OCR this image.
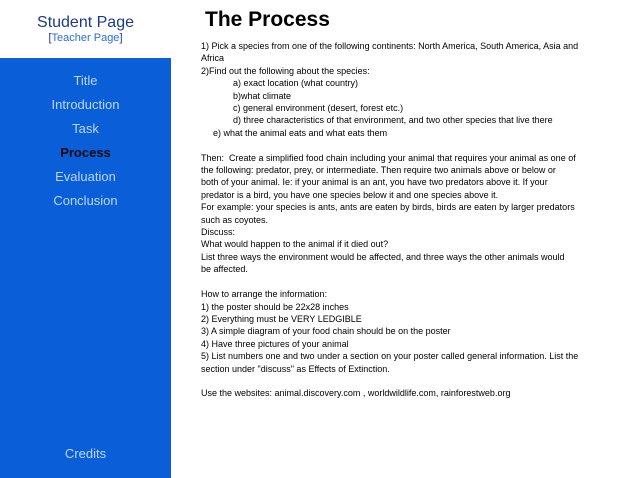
Student Page
[Teacher Page]
Title
Introduction
Task
Process
Evaluation
Conclusion
Credits
The Process

1) Pick a species from one of the following continents: North America, South America, Asia and

Africa

2)Find out the following about the species:

a) exact location (what country)

b)what climate

c) general environment (desert, forest etc.)

d) three characteristics of that environment, and two other species that live there

e) what the animal eats and what eats them

Then:  Create a simplified food chain including your animal that requires your animal as one of

the following: predator, prey, or intermediate. Then require two animals above or below or

both of your animal. Ie: if your animal is an ant, you have two predators above it. If your

predator is a bird, you have one species below it and one species above it.

For example: your species is ants, ants are eaten by birds, birds are eaten by larger predators

such as coyotes.

Discuss:

What would happen to the animal if it died out?

List three ways the environment would be affected, and three ways the other animals would

be affected.

How to arrange the information:

1) the poster should be 22x28 inches

2) Everything must be VERY LEDGIBLE

3) A simple diagram of your food chain should be on the poster

4) Have three pictures of your animal

5) List numbers one and two under a section on your poster called general information. List the

section under "discuss" as Effects of Extinction.

Use the websites: animal.discovery.com , worldwildlife.com, rainforestweb.org
